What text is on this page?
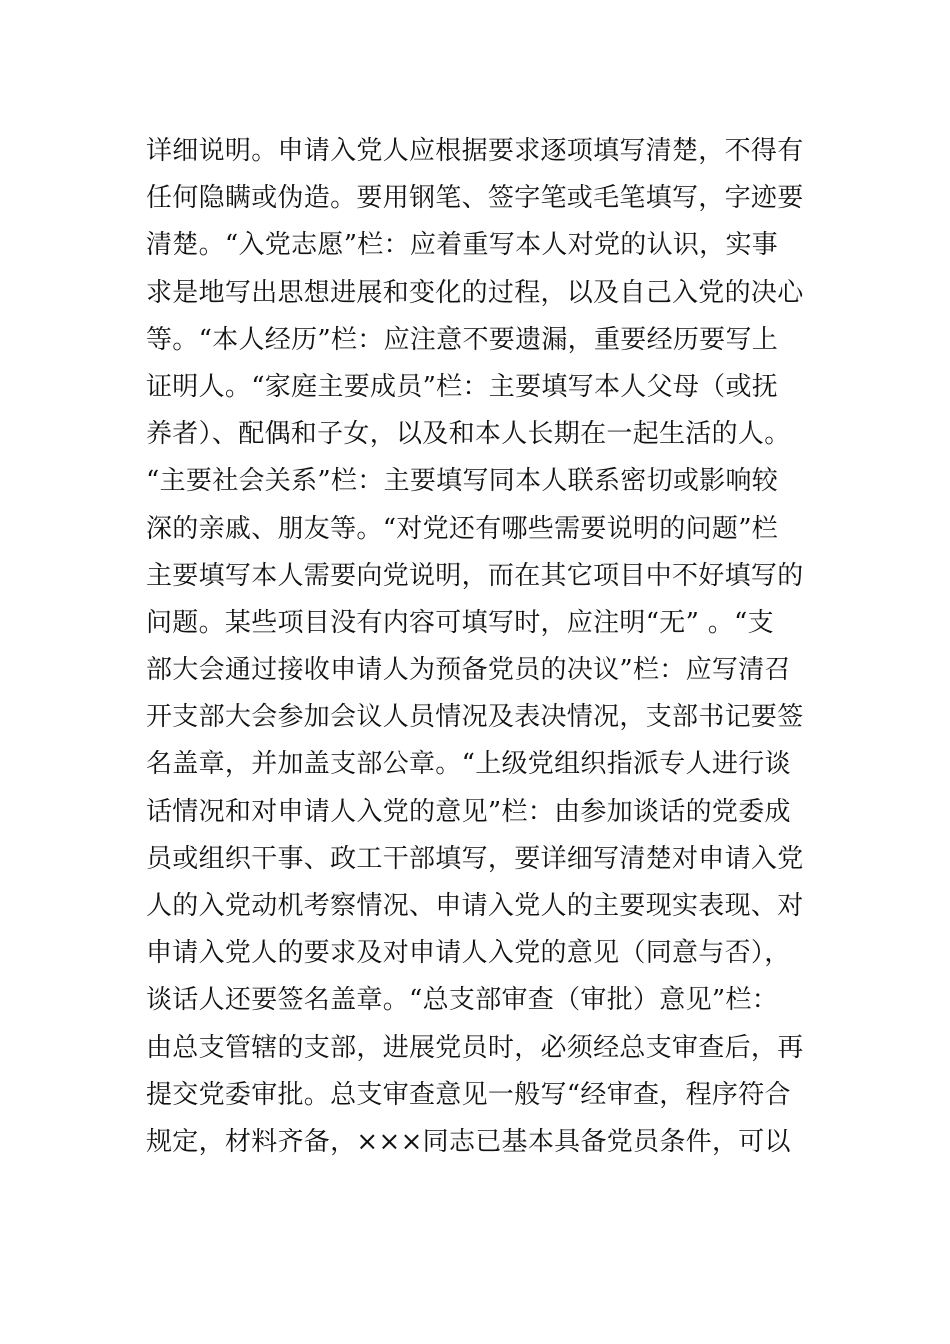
详细说明。申请入党人应根据要求逐项填写清楚，不得有
任何隐瞒或伪造。要用钢笔、签字笔或毛笔填写，字迹要
清楚。“入党志愿”栏：应着重写本人对党的认识，实事
求是地写出思想进展和变化的过程，以及自己入党的决心
等。“本人经历”栏：应注意不要遗漏，重要经历要写上
证明人。“家庭主要成员”栏：主要填写本人父母（或抚
养者）、配偶和子女，以及和本人长期在一起生活的人。
“主要社会关系”栏：主要填写同本人联系密切或影响较
深的亲戚、朋友等。“对党还有哪些需要说明的问题”栏
主要填写本人需要向党说明，而在其它项目中不好填写的
问题。某些项目没有内容可填写时，应注明“无” 。“支
部大会通过接收申请人为预备党员的决议”栏：应写清召
开支部大会参加会议人员情况及表决情况，支部书记要签
名盖章，并加盖支部公章。“上级党组织指派专人进行谈
话情况和对申请人入党的意见”栏：由参加谈话的党委成
员或组织干事、政工干部填写，要详细写清楚对申请入党
人的入党动机考察情况、申请入党人的主要现实表现、对
申请入党人的要求及对申请人入党的意见（同意与否），
谈话人还要签名盖章。“总支部审查（审批）意见”栏：
由总支管辖的支部，进展党员时，必须经总支审查后，再
提交党委审批。总支审查意见一般写“经审查，程序符合
规定，材料齐备，×××同志已基本具备党员条件，可以
